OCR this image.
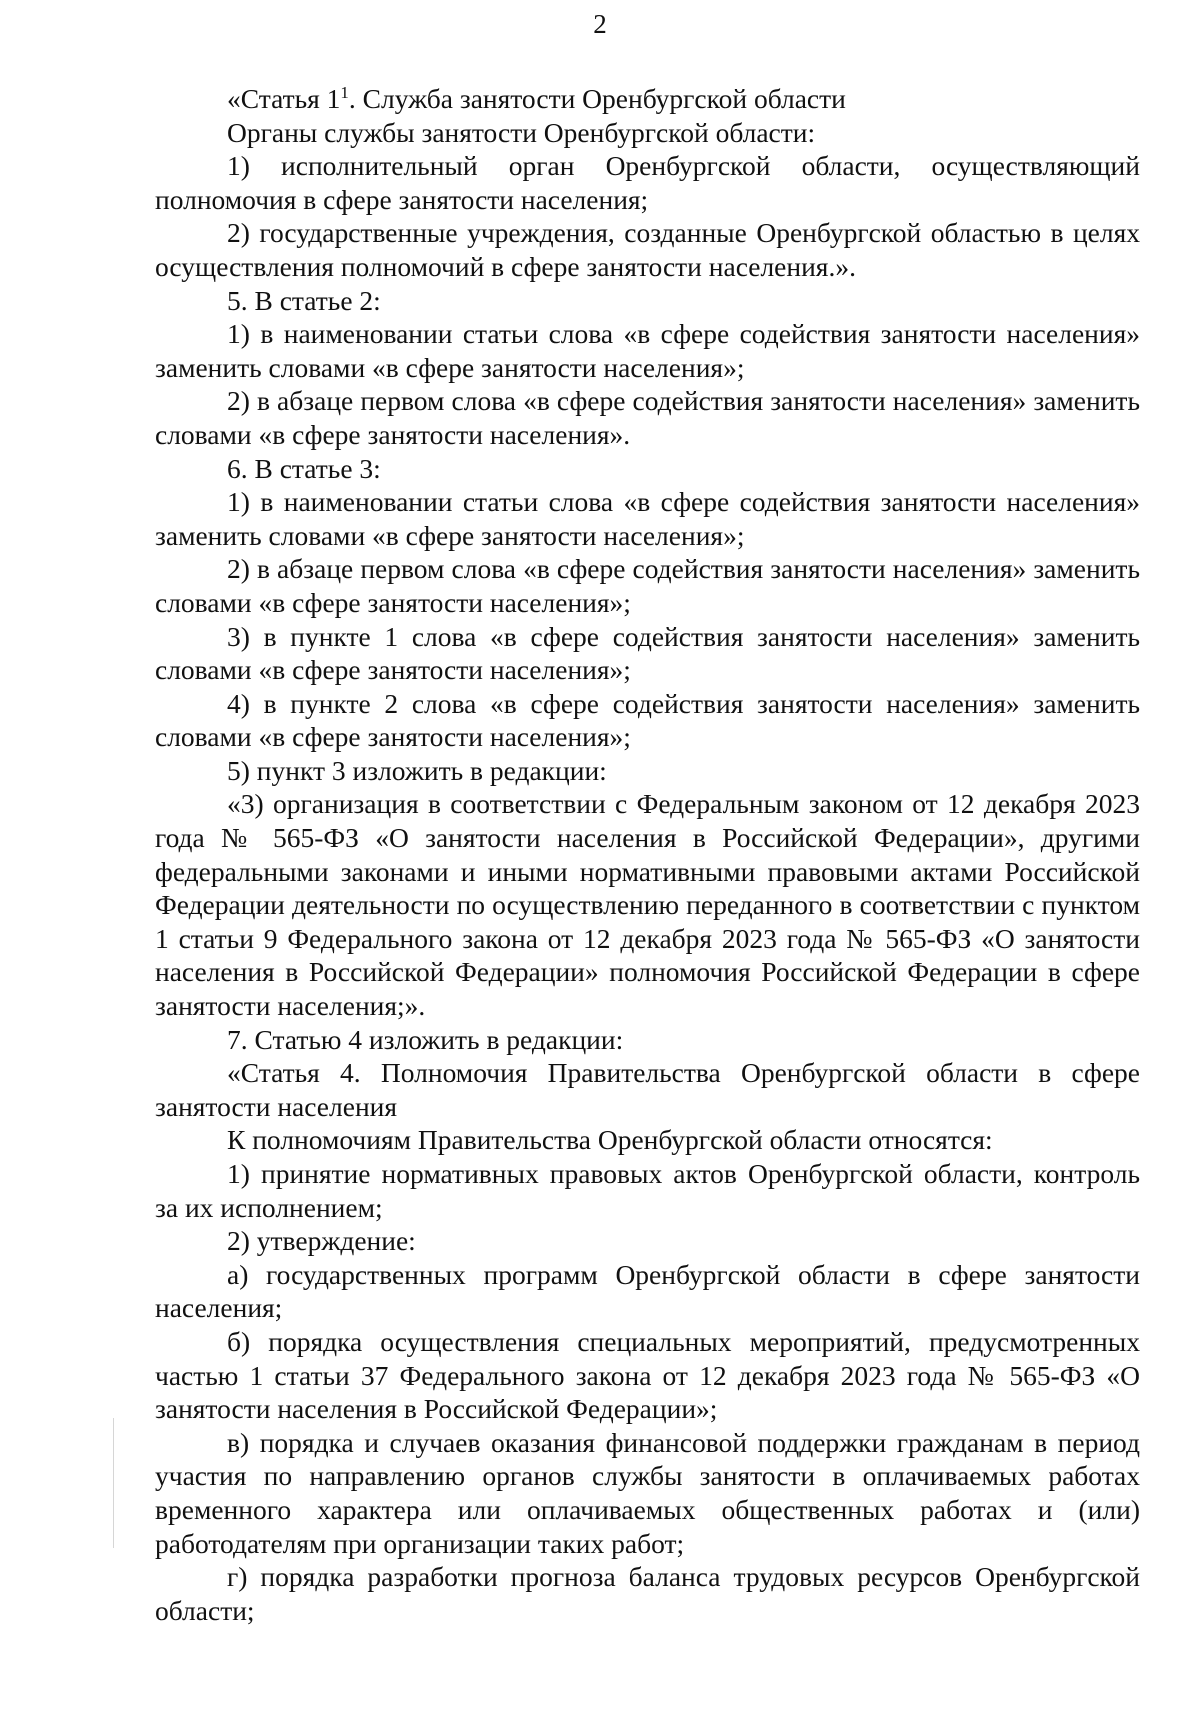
2

«Статья $1^1$. Служба занятости Оренбургской области

Органы службы занятости Оренбургской области:

1) исполнительный орган Оренбургской области, осуществляющий полномочия в сфере занятости населения;

2) государственные учреждения, созданные Оренбургской областью в целях осуществления полномочий в сфере занятости населения.».

5. В статье 2:

1) в наименовании статьи слова «в сфере содействия занятости населения» заменить словами «в сфере занятости населения»;

2) в абзаце первом слова «в сфере содействия занятости населения» заменить словами «в сфере занятости населения».

6. В статье 3:

1) в наименовании статьи слова «в сфере содействия занятости населения» заменить словами «в сфере занятости населения»;

2) в абзаце первом слова «в сфере содействия занятости населения» заменить словами «в сфере занятости населения»;

3) в пункте 1 слова «в сфере содействия занятости населения» заменить словами «в сфере занятости населения»;

4) в пункте 2 слова «в сфере содействия занятости населения» заменить словами «в сфере занятости населения»;

5) пункт 3 изложить в редакции:

«3) организация в соответствии с Федеральным законом от 12 декабря 2023 года № 565-ФЗ «О занятости населения в Российской Федерации», другими федеральными законами и иными нормативными правовыми актами Российской Федерации деятельности по осуществлению переданного в соответствии с пунктом 1 статьи 9 Федерального закона от 12 декабря 2023 года № 565-ФЗ «О занятости населения в Российской Федерации» полномочия Российской Федерации в сфере занятости населения;».

7. Статью 4 изложить в редакции:

«Статья 4. Полномочия Правительства Оренбургской области в сфере занятости населения

К полномочиям Правительства Оренбургской области относятся:

1) принятие нормативных правовых актов Оренбургской области, контроль за их исполнением;

2) утверждение:

а) государственных программ Оренбургской области в сфере занятости населения;

б) порядка осуществления специальных мероприятий, предусмотренных частью 1 статьи 37 Федерального закона от 12 декабря 2023 года № 565-ФЗ «О занятости населения в Российской Федерации»;

в) порядка и случаев оказания финансовой поддержки гражданам в период участия по направлению органов службы занятости в оплачиваемых работах временного характера или оплачиваемых общественных работах и (или) работодателям при организации таких работ;

г) порядка разработки прогноза баланса трудовых ресурсов Оренбургской области;
